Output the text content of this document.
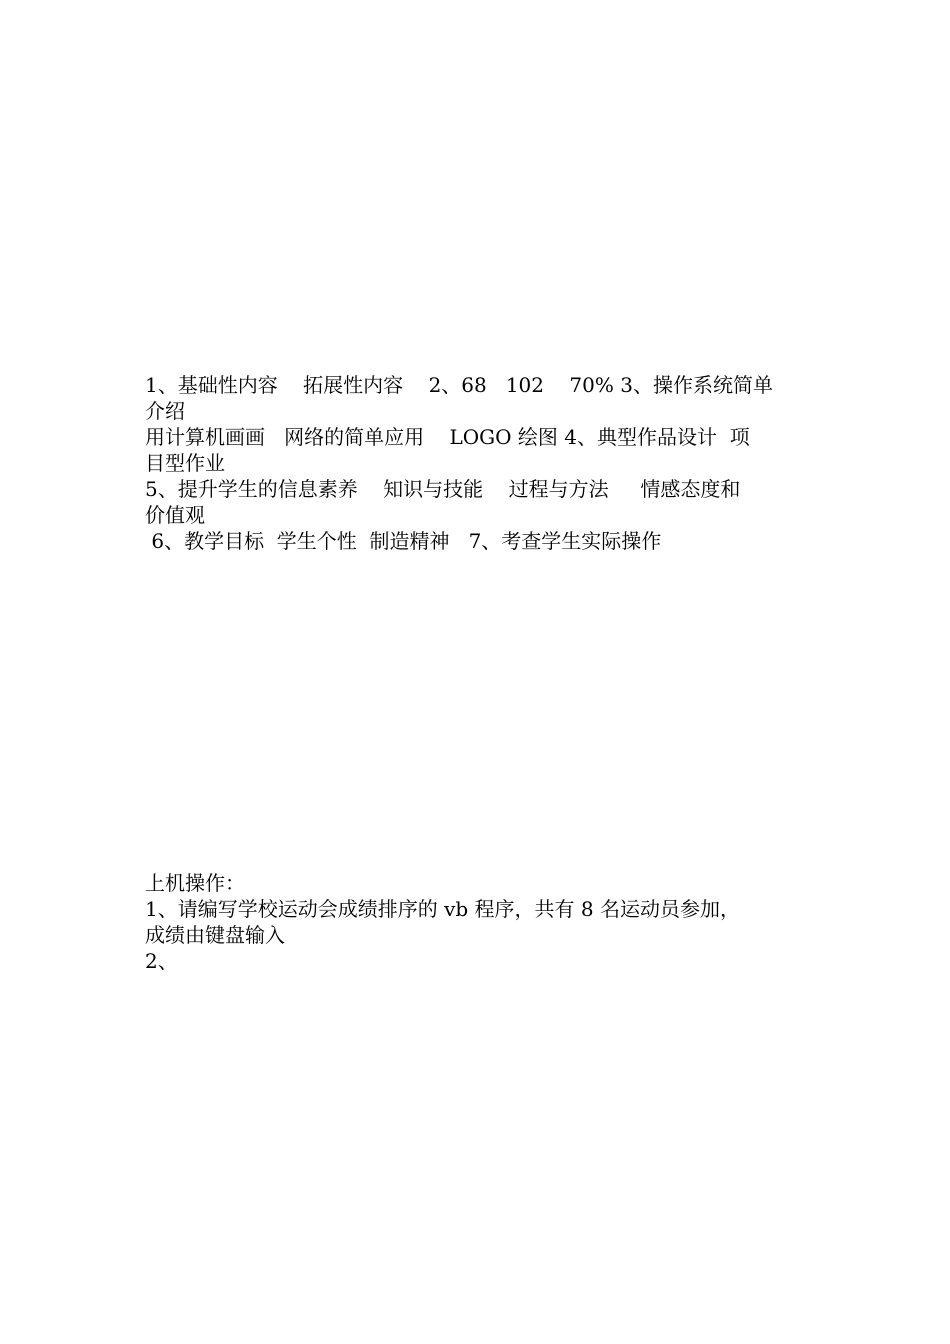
1、基础性内容    拓展性内容    2、68   102    70% 3、操作系统简单

介绍

用计算机画画   网络的简单应用    LOGO 绘图 4、典型作品设计  项

目型作业

5、提升学生的信息素养    知识与技能    过程与方法     情感态度和

价值观

6、教学目标  学生个性  制造精神   7、考查学生实际操作

上机操作：

1、请编写学校运动会成绩排序的 vb 程序，共有 8 名运动员参加，

成绩由键盘输入

2、
